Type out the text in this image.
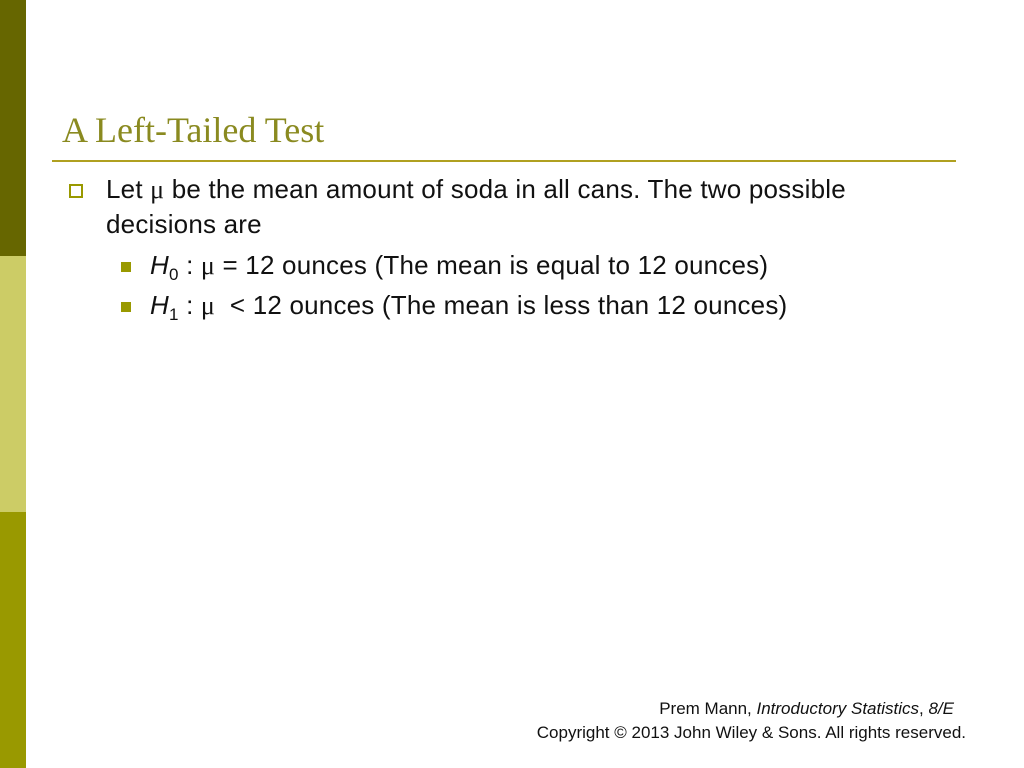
A Left-Tailed Test
Let μ be the mean amount of soda in all cans. The two possible decisions are
$H_0$ : μ = 12 ounces (The mean is equal to 12 ounces)
$H_1$ : μ  < 12 ounces (The mean is less than 12 ounces)
Prem Mann, Introductory Statistics, 8/E
Copyright © 2013 John Wiley & Sons. All rights reserved.
